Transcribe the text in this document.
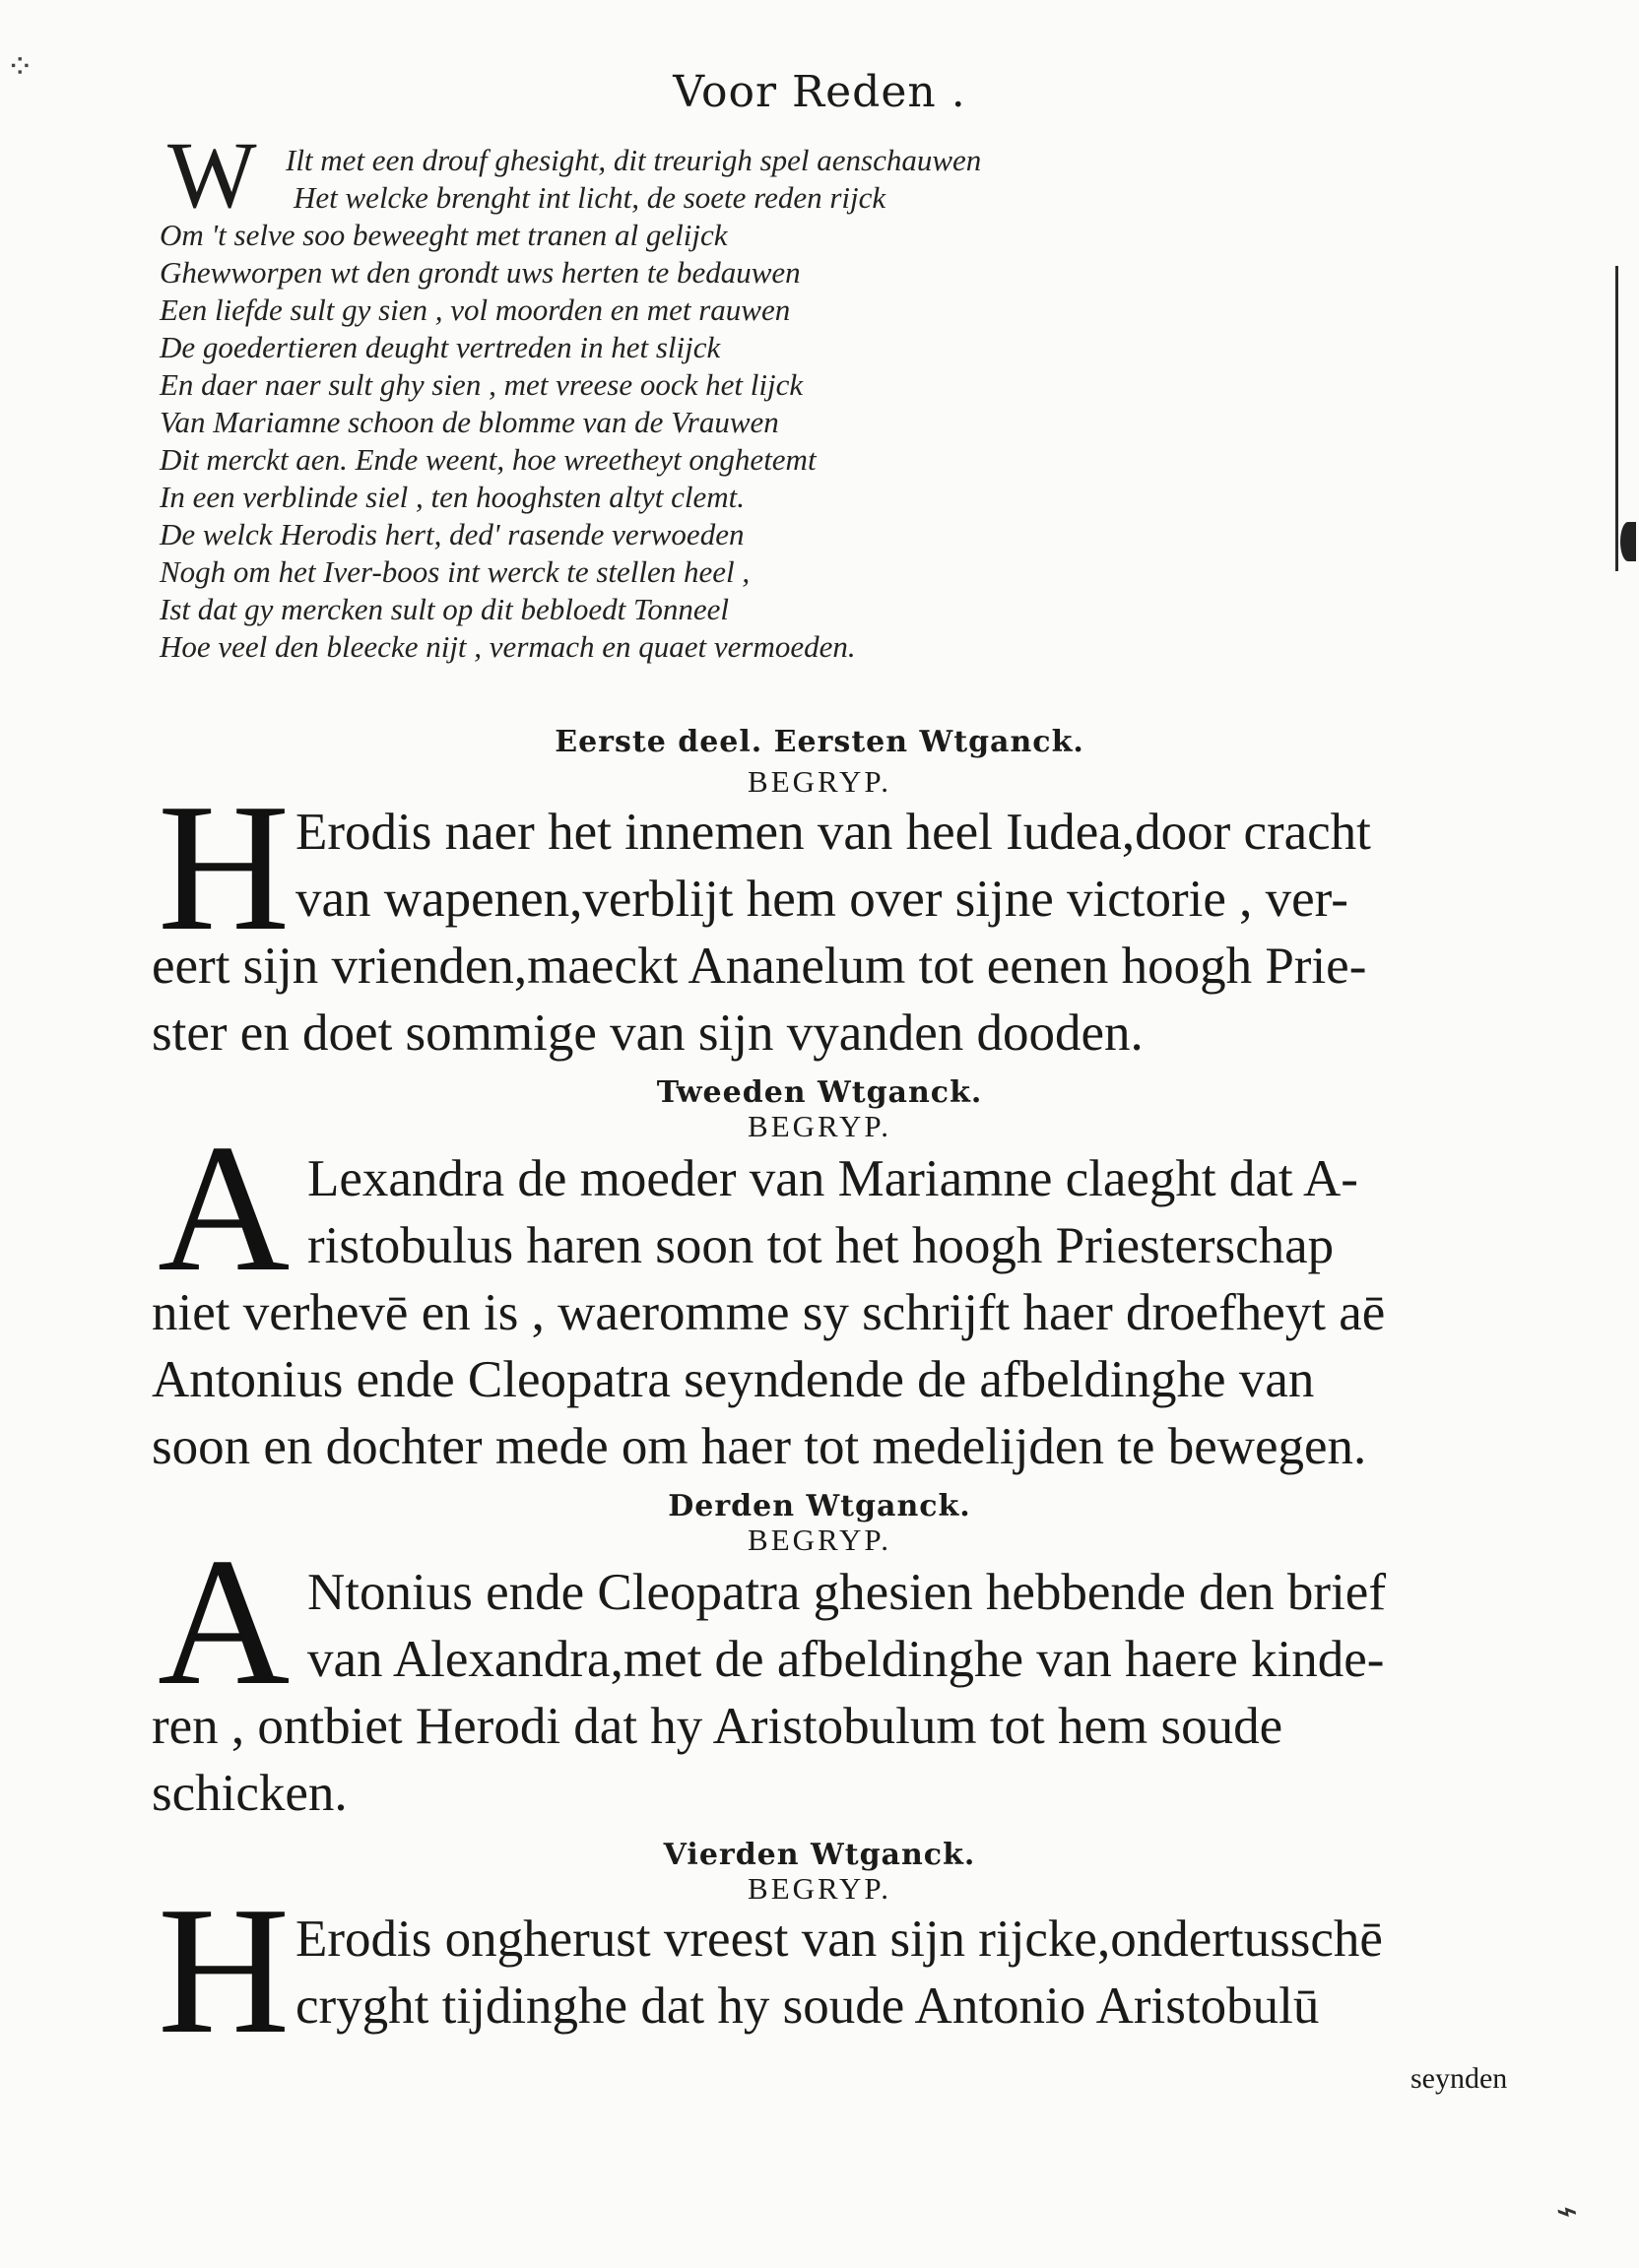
⁘
⌁
Voor Reden .
W Ilt met een drouf ghesight, dit treurigh spel aenschauwen
Het welcke brenght int licht, de soete reden rijck
Om 't selve soo beweeght met tranen al gelijck
Ghewworpen wt den grondt uws herten te bedauwen
Een liefde sult gy sien , vol moorden en met rauwen
De goedertieren deught vertreden in het slijck
En daer naer sult ghy sien , met vreese oock het lijck
Van Mariamne schoon de blomme van de Vrauwen
Dit merckt aen. Ende weent, hoe wreetheyt onghetemt
In een verblinde siel , ten hooghsten altyt clemt.
De welck Herodis hert, ded' rasende verwoeden
Nogh om het Iver-boos int werck te stellen heel ,
Ist dat gy mercken sult op dit bebloedt Tonneel
Hoe veel den bleecke nijt , vermach en quaet vermoeden.
Eerste deel. Eersten Wtganck.
BEGRYP.
H Erodis naer het innemen van heel Iudea,door cracht
van wapenen,verblijt hem over sijne victorie , ver-
eert sijn vrienden,maeckt Ananelum tot eenen hoogh Prie-
ster en doet sommige van sijn vyanden dooden.
Tweeden Wtganck.
BEGRYP.
A Lexandra de moeder van Mariamne claeght dat A-
ristobulus haren soon tot het hoogh Priesterschap
niet verhevē en is , waeromme sy schrijft haer droefheyt aē
Antonius ende Cleopatra seyndende de afbeldinghe van
soon en dochter mede om haer tot medelijden te bewegen.
Derden Wtganck.
BEGRYP.
A Ntonius ende Cleopatra ghesien hebbende den brief
van Alexandra,met de afbeldinghe van haere kinde-
ren , ontbiet Herodi dat hy Aristobulum tot hem soude
schicken.
Vierden Wtganck.
BEGRYP.
H Erodis ongherust vreest van sijn rijcke,ondertusschē
cryght tijdinghe dat hy soude Antonio Aristobulū
seynden
